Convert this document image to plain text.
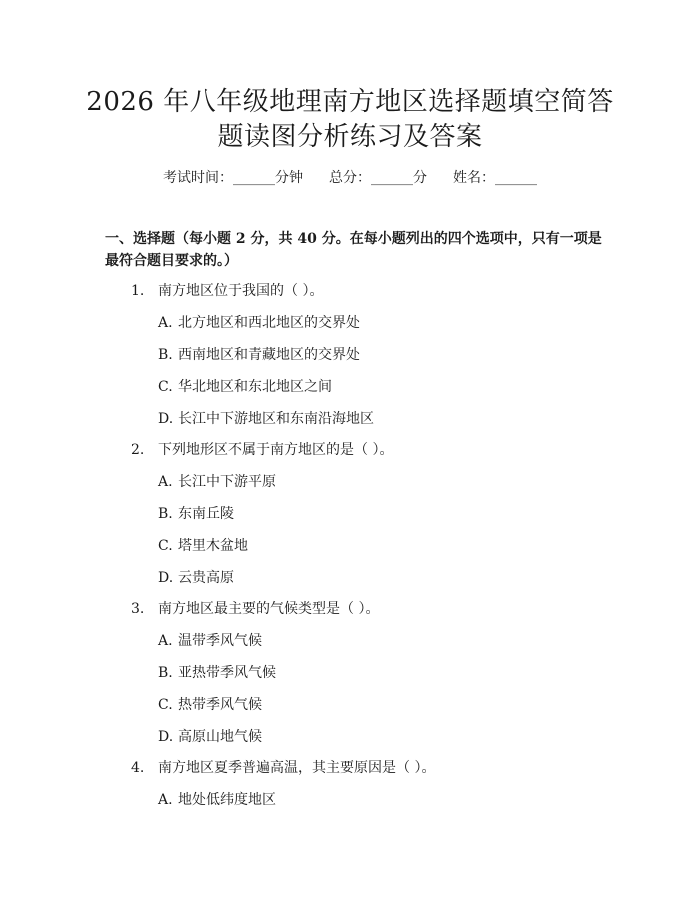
2026 年八年级地理南方地区选择题填空简答
题读图分析练习及答案
考试时间：______分钟 总分：______分 姓名：______
一、选择题（每小题 2 分，共 40 分。在每小题列出的四个选项中，只有一项是最符合题目要求的。）
1. 南方地区位于我国的（ ）。
A. 北方地区和西北地区的交界处
B. 西南地区和青藏地区的交界处
C. 华北地区和东北地区之间
D. 长江中下游地区和东南沿海地区
2. 下列地形区不属于南方地区的是（ ）。
A. 长江中下游平原
B. 东南丘陵
C. 塔里木盆地
D. 云贵高原
3. 南方地区最主要的气候类型是（ ）。
A. 温带季风气候
B. 亚热带季风气候
C. 热带季风气候
D. 高原山地气候
4. 南方地区夏季普遍高温，其主要原因是（ ）。
A. 地处低纬度地区
